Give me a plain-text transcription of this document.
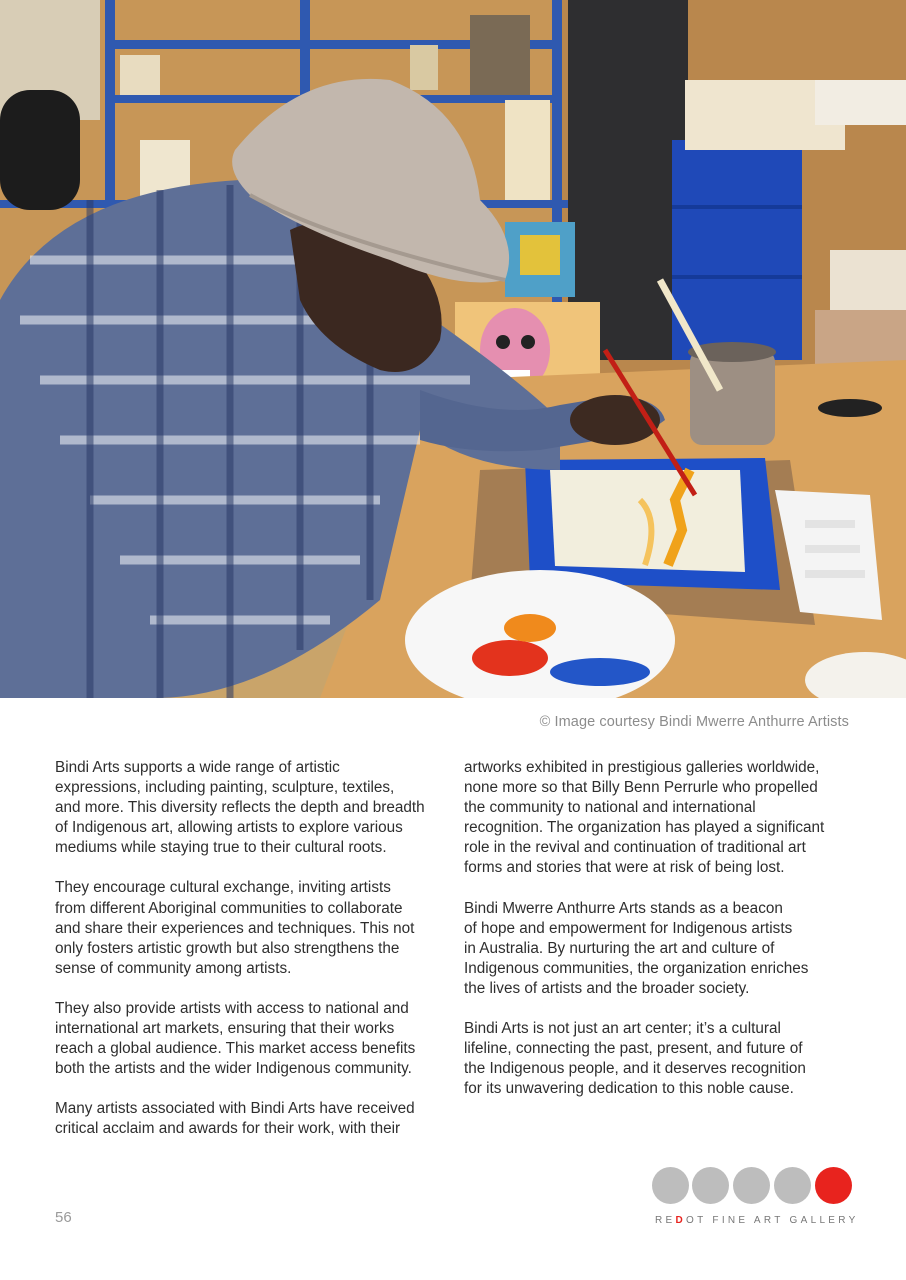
© Image courtesy Bindi Mwerre Anthurre Artists

Bindi Arts supports a wide range of artistic
expressions, including painting, sculpture, textiles,
and more. This diversity reflects the depth and breadth
of Indigenous art, allowing artists to explore various
mediums while staying true to their cultural roots.

They encourage cultural exchange, inviting artists
from different Aboriginal communities to collaborate
and share their experiences and techniques. This not
only fosters artistic growth but also strengthens the
sense of community among artists.

They also provide artists with access to national and
international art markets, ensuring that their works
reach a global audience. This market access benefits
both the artists and the wider Indigenous community.

Many artists associated with Bindi Arts have received
critical acclaim and awards for their work, with their

artworks exhibited in prestigious galleries worldwide,
none more so that Billy Benn Perrurle who propelled
the community to national and international
recognition. The organization has played a significant
role in the revival and continuation of traditional art
forms and stories that were at risk of being lost.

Bindi Mwerre Anthurre Arts stands as a beacon
of hope and empowerment for Indigenous artists
in Australia. By nurturing the art and culture of
Indigenous communities, the organization enriches
the lives of artists and the broader society.

Bindi Arts is not just an art center; it’s a cultural
lifeline, connecting the past, present, and future of
the Indigenous people, and it deserves recognition
for its unwavering dedication to this noble cause.

56	REDOT FINE ART GALLERY
